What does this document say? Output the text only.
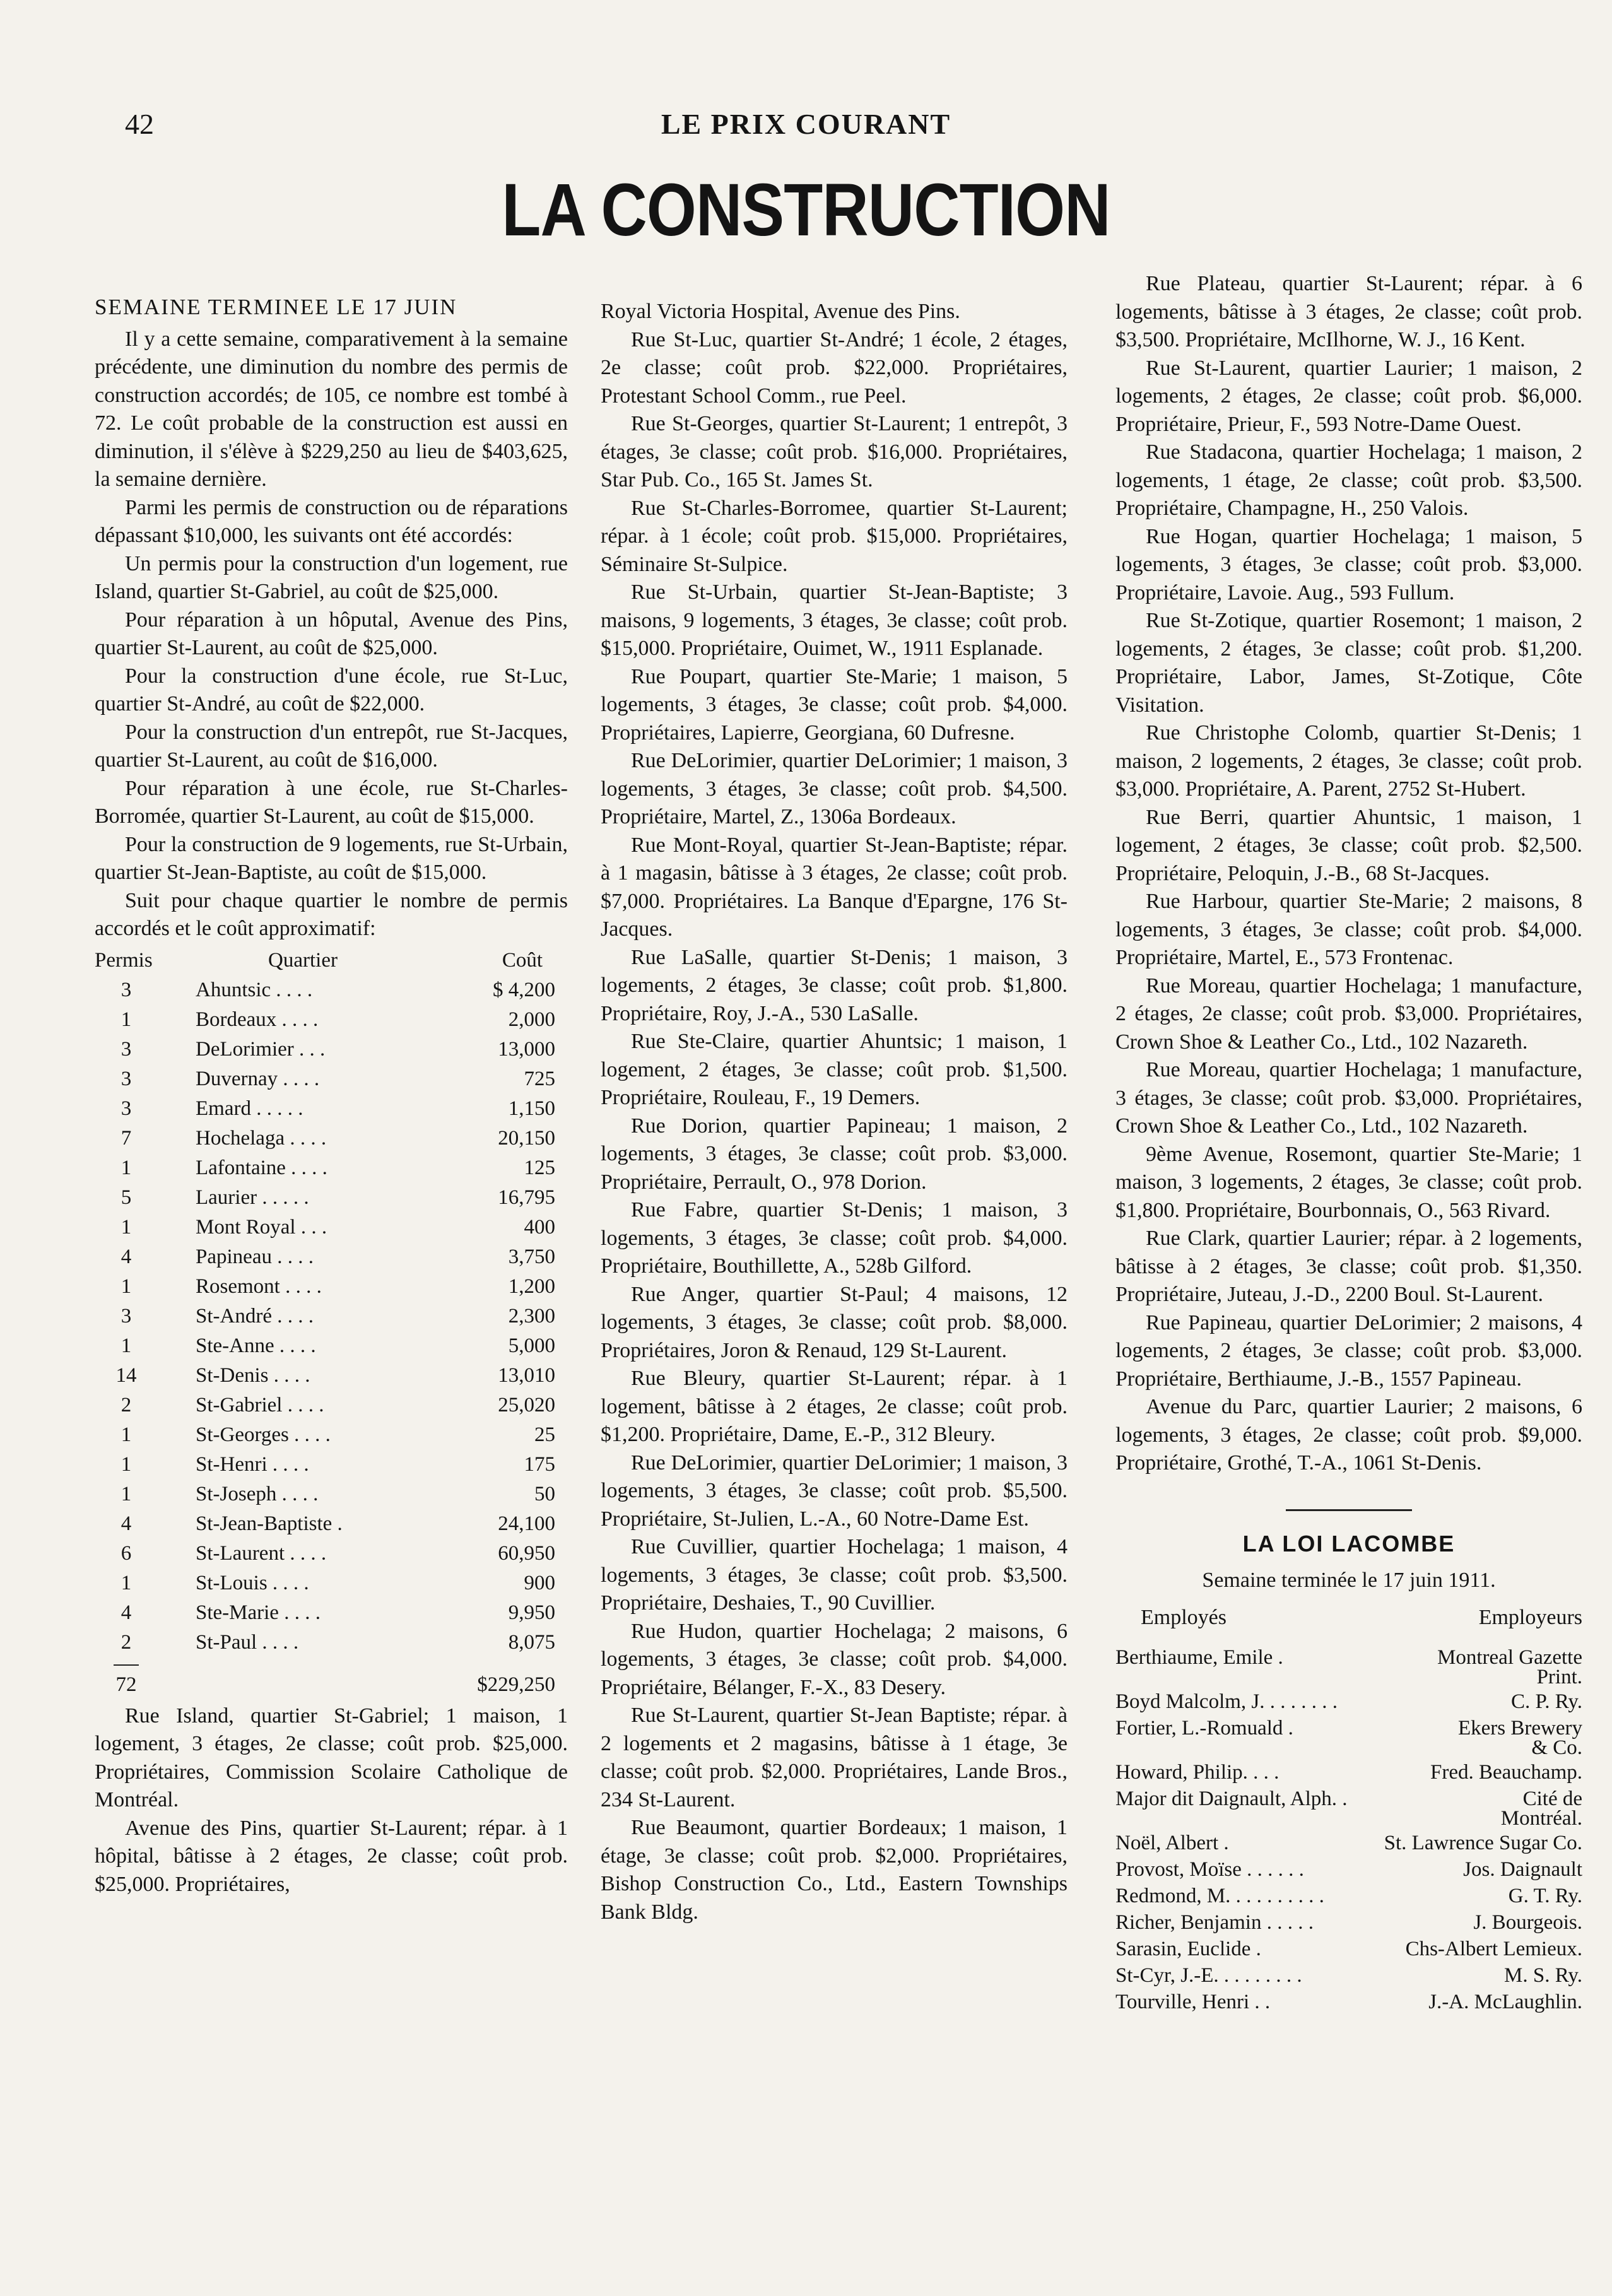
LE PRIX COURANT
42
LA CONSTRUCTION

SEMAINE TERMINEE LE 17 JUIN

Il y a cette semaine, comparativement à la semaine précédente, une diminution du nombre des permis de construction accordés; de 105, ce nombre est tombé à 72. Le coût probable de la construction est aussi en diminution, il s'élève à $229,250 au lieu de $403,625, la semaine dernière.

Parmi les permis de construction ou de réparations dépassant $10,000, les suivants ont été accordés:

Un permis pour la construction d'un logement, rue Island, quartier St-Gabriel, au coût de $25,000.

Pour réparation à un hôputal, Avenue des Pins, quartier St-Laurent, au coût de $25,000.

Pour la construction d'une école, rue St-Luc, quartier St-André, au coût de $22,000.

Pour la construction d'un entrepôt, rue St-Jacques, quartier St-Laurent, au coût de $16,000.

Pour réparation à une école, rue St-Charles-Borromée, quartier St-Laurent, au coût de $15,000.

Pour la construction de 9 logements, rue St-Urbain, quartier St-Jean-Baptiste, au coût de $15,000.

Suit pour chaque quartier le nombre de permis accordés et le coût approximatif:

Permis	Quartier	Coût
3	Ahuntsic . . . .	$ 4,200
1	Bordeaux . . . .	2,000
3	DeLorimier . . .	13,000
3	Duvernay . . . .	725
3	Emard . . . . .	1,150
7	Hochelaga . . . .	20,150
1	Lafontaine . . . .	125
5	Laurier . . . . .	16,795
1	Mont Royal . . .	400
4	Papineau . . . .	3,750
1	Rosemont . . . .	1,200
3	St-André . . . .	2,300
1	Ste-Anne . . . .	5,000
14	St-Denis . . . .	13,010
2	St-Gabriel . . . .	25,020
1	St-Georges . . . .	25
1	St-Henri . . . .	175
1	St-Joseph . . . .	50
4	St-Jean-Baptiste .	24,100
6	St-Laurent . . . .	60,950
1	St-Louis . . . .	900
4	Ste-Marie . . . .	9,950
2	St-Paul . . . .	8,075

72		$229,250

Rue Island, quartier St-Gabriel; 1 maison, 1 logement, 3 étages, 2e classe; coût prob. $25,000. Propriétaires, Commission Scolaire Catholique de Montréal.

Avenue des Pins, quartier St-Laurent; répar. à 1 hôpital, bâtisse à 2 étages, 2e classe; coût prob. $25,000. Propriétaires,

Royal Victoria Hospital, Avenue des Pins.

Rue St-Luc, quartier St-André; 1 école, 2 étages, 2e classe; coût prob. $22,000. Propriétaires, Protestant School Comm., rue Peel.

Rue St-Georges, quartier St-Laurent; 1 entrepôt, 3 étages, 3e classe; coût prob. $16,000. Propriétaires, Star Pub. Co., 165 St. James St.

Rue St-Charles-Borromee, quartier St-Laurent; répar. à 1 école; coût prob. $15,000. Propriétaires, Séminaire St-Sulpice.

Rue St-Urbain, quartier St-Jean-Baptiste; 3 maisons, 9 logements, 3 étages, 3e classe; coût prob. $15,000. Propriétaire, Ouimet, W., 1911 Esplanade.

Rue Poupart, quartier Ste-Marie; 1 maison, 5 logements, 3 étages, 3e classe; coût prob. $4,000. Propriétaires, Lapierre, Georgiana, 60 Dufresne.

Rue DeLorimier, quartier DeLorimier; 1 maison, 3 logements, 3 étages, 3e classe; coût prob. $4,500. Propriétaire, Martel, Z., 1306a Bordeaux.

Rue Mont-Royal, quartier St-Jean-Baptiste; répar. à 1 magasin, bâtisse à 3 étages, 2e classe; coût prob. $7,000. Propriétaires. La Banque d'Epargne, 176 St-Jacques.

Rue LaSalle, quartier St-Denis; 1 maison, 3 logements, 2 étages, 3e classe; coût prob. $1,800. Propriétaire, Roy, J.-A., 530 LaSalle.

Rue Ste-Claire, quartier Ahuntsic; 1 maison, 1 logement, 2 étages, 3e classe; coût prob. $1,500. Propriétaire, Rouleau, F., 19 Demers.

Rue Dorion, quartier Papineau; 1 maison, 2 logements, 3 étages, 3e classe; coût prob. $3,000. Propriétaire, Perrault, O., 978 Dorion.

Rue Fabre, quartier St-Denis; 1 maison, 3 logements, 3 étages, 3e classe; coût prob. $4,000. Propriétaire, Bouthillette, A., 528b Gilford.

Rue Anger, quartier St-Paul; 4 maisons, 12 logements, 3 étages, 3e classe; coût prob. $8,000. Propriétaires, Joron & Renaud, 129 St-Laurent.

Rue Bleury, quartier St-Laurent; répar. à 1 logement, bâtisse à 2 étages, 2e classe; coût prob. $1,200. Propriétaire, Dame, E.-P., 312 Bleury.

Rue DeLorimier, quartier DeLorimier; 1 maison, 3 logements, 3 étages, 3e classe; coût prob. $5,500. Propriétaire, St-Julien, L.-A., 60 Notre-Dame Est.

Rue Cuvillier, quartier Hochelaga; 1 maison, 4 logements, 3 étages, 3e classe; coût prob. $3,500. Propriétaire, Deshaies, T., 90 Cuvillier.

Rue Hudon, quartier Hochelaga; 2 maisons, 6 logements, 3 étages, 3e classe; coût prob. $4,000. Propriétaire, Bélanger, F.-X., 83 Desery.

Rue St-Laurent, quartier St-Jean Baptiste; répar. à 2 logements et 2 magasins, bâtisse à 1 étage, 3e classe; coût prob. $2,000. Propriétaires, Lande Bros., 234 St-Laurent.

Rue Beaumont, quartier Bordeaux; 1 maison, 1 étage, 3e classe; coût prob. $2,000. Propriétaires, Bishop Construction Co., Ltd., Eastern Townships Bank Bldg.

Rue Plateau, quartier St-Laurent; répar. à 6 logements, bâtisse à 3 étages, 2e classe; coût prob. $3,500. Propriétaire, McIlhorne, W. J., 16 Kent.

Rue St-Laurent, quartier Laurier; 1 maison, 2 logements, 2 étages, 2e classe; coût prob. $6,000. Propriétaire, Prieur, F., 593 Notre-Dame Ouest.

Rue Stadacona, quartier Hochelaga; 1 maison, 2 logements, 1 étage, 2e classe; coût prob. $3,500. Propriétaire, Champagne, H., 250 Valois.

Rue Hogan, quartier Hochelaga; 1 maison, 5 logements, 3 étages, 3e classe; coût prob. $3,000. Propriétaire, Lavoie. Aug., 593 Fullum.

Rue St-Zotique, quartier Rosemont; 1 maison, 2 logements, 2 étages, 3e classe; coût prob. $1,200. Propriétaire, Labor, James, St-Zotique, Côte Visitation.

Rue Christophe Colomb, quartier St-Denis; 1 maison, 2 logements, 2 étages, 3e classe; coût prob. $3,000. Propriétaire, A. Parent, 2752 St-Hubert.

Rue Berri, quartier Ahuntsic, 1 maison, 1 logement, 2 étages, 3e classe; coût prob. $2,500. Propriétaire, Peloquin, J.-B., 68 St-Jacques.

Rue Harbour, quartier Ste-Marie; 2 maisons, 8 logements, 3 étages, 3e classe; coût prob. $4,000. Propriétaire, Martel, E., 573 Frontenac.

Rue Moreau, quartier Hochelaga; 1 manufacture, 2 étages, 2e classe; coût prob. $3,000. Propriétaires, Crown Shoe & Leather Co., Ltd., 102 Nazareth.

Rue Moreau, quartier Hochelaga; 1 manufacture, 3 étages, 3e classe; coût prob. $3,000. Propriétaires, Crown Shoe & Leather Co., Ltd., 102 Nazareth.

9ème Avenue, Rosemont, quartier Ste-Marie; 1 maison, 3 logements, 2 étages, 3e classe; coût prob. $1,800. Propriétaire, Bourbonnais, O., 563 Rivard.

Rue Clark, quartier Laurier; répar. à 2 logements, bâtisse à 2 étages, 3e classe; coût prob. $1,350. Propriétaire, Juteau, J.-D., 2200 Boul. St-Laurent.

Rue Papineau, quartier DeLorimier; 2 maisons, 4 logements, 2 étages, 3e classe; coût prob. $3,000. Propriétaire, Berthiaume, J.-B., 1557 Papineau.

Avenue du Parc, quartier Laurier; 2 maisons, 6 logements, 3 étages, 2e classe; coût prob. $9,000. Propriétaire, Grothé, T.-A., 1061 St-Denis.

LA LOI LACOMBE
Semaine terminée le 17 juin 1911.
Employés	Employeurs
Berthiaume, Emile .	Montreal Gazette
Print.
Boyd Malcolm, J. . . . . . . .	C. P. Ry.
Fortier, L.-Romuald .	Ekers Brewery
& Co.
Howard, Philip. . . .	Fred. Beauchamp.
Major dit Daignault, Alph. .	Cité de
Montréal.
Noël, Albert .	St. Lawrence Sugar Co.
Provost, Moïse . . . . . .	Jos. Daignault
Redmond, M. . . . . . . . . .	G. T. Ry.
Richer, Benjamin . . . . .	J. Bourgeois.
Sarasin, Euclide .	Chs-Albert Lemieux.
St-Cyr, J.-E. . . . . . . . .	M. S. Ry.
Tourville, Henri . .	J.-A. McLaughlin.
